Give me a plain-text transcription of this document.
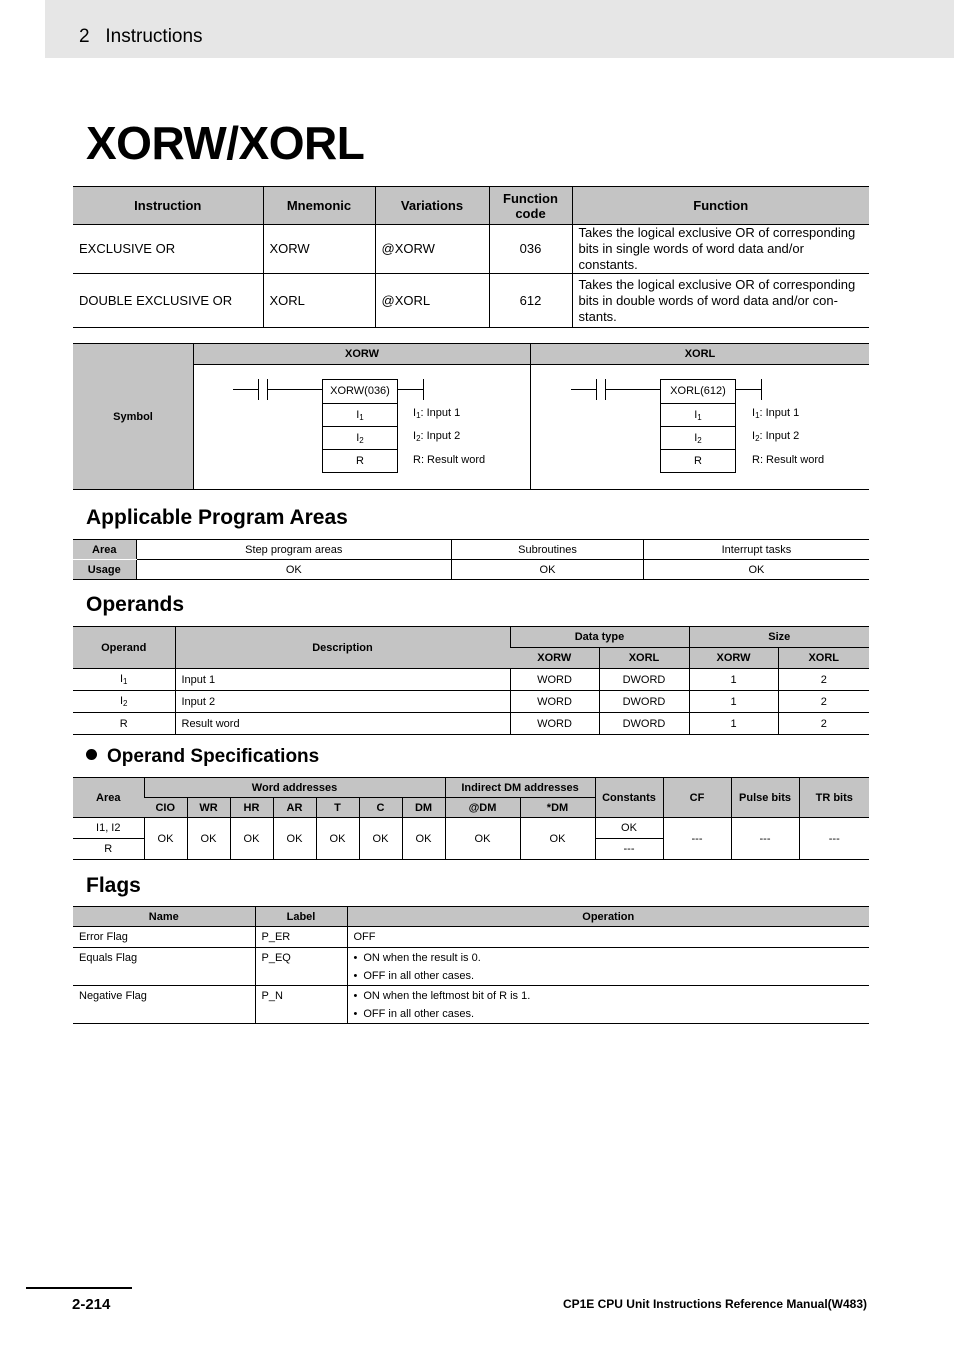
2   Instructions
XORW/XORL
Instruction	Mnemonic	Variations	Function code	Function
EXCLUSIVE OR	XORW	@XORW	036	Takes the logical exclusive OR of corresponding bits in single words of word data and/or constants.
DOUBLE EXCLUSIVE OR	XORL	@XORL	612	Takes the logical exclusive OR of corresponding bits in double words of word data and/or con-stants.
Symbol
XORW	XORL
XORW(036)
$I_1$
$I_2$
R
$I_1$: Input 1
$I_2$: Input 2
R: Result word
XORL(612)
$I_1$
$I_2$
R
$I_1$: Input 1
$I_2$: Input 2
R: Result word
Applicable Program Areas
Area	Step program areas	Subroutines	Interrupt tasks
Usage	OK	OK	OK
Operands
Operand	Description	Data type		Size	
		XORW	XORL	XORW	XORL
$I_1$	Input 1	WORD	DWORD	1	2
$I_2$	Input 2	WORD	DWORD	1	2
R	Result word	WORD	DWORD	1	2
Operand Specifications
Area	Word addresses							Indirect DM addresses		Constants	CF	Pulse bits	TR bits
	CIO	WR	HR	AR	T	C	DM	@DM	*DM				
I1, I2	OK	OK	OK	OK	OK	OK	OK	OK	OK	OK	---	---	---
R										---			
Flags
Name	Label	Operation
Error Flag	P_ER	OFF
Equals Flag	P_EQ	• ON when the result is 0.
• OFF in all other cases.

Negative Flag	P_N	• ON when the leftmost bit of R is 1.
• OFF in all other cases.
2-214	CP1E CPU Unit Instructions Reference Manual(W483)
